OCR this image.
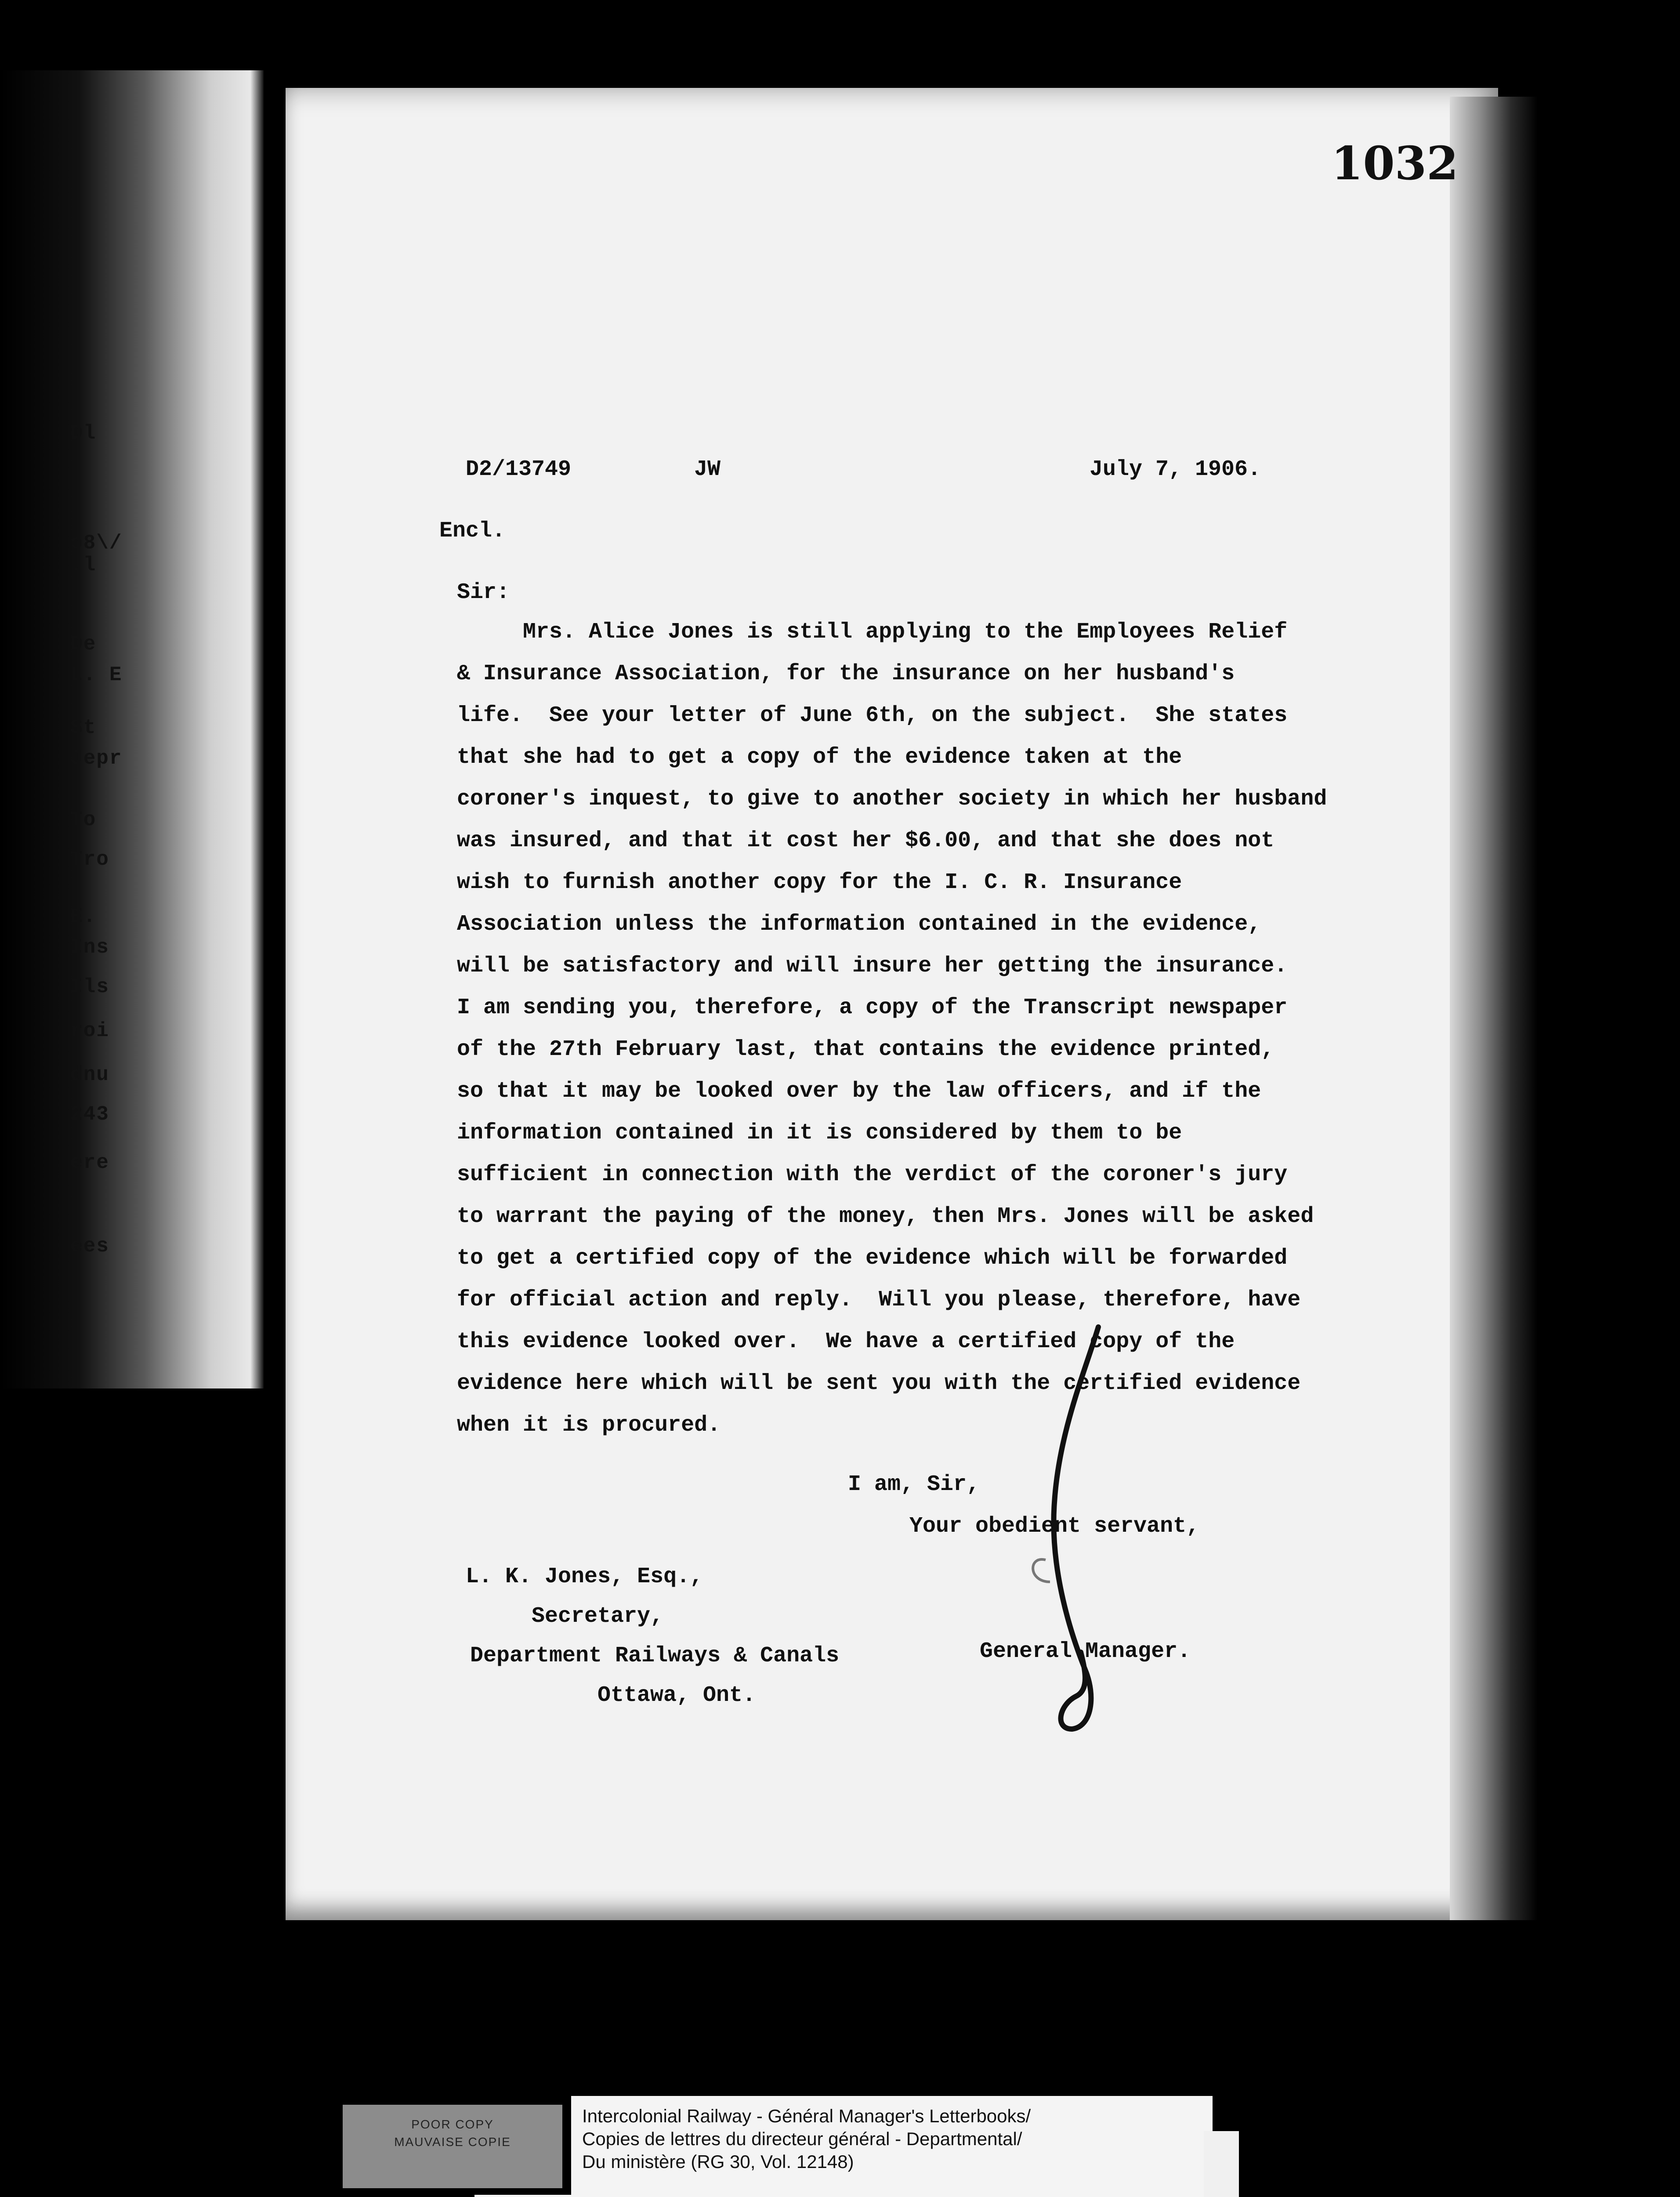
Dl
ɔ8\/
.l
De
L. E
St
Jepr
To
Tro
E.
Ins
Ils
roi
dnu
243
ere
ees
1032
D2/13749	JW	July 7, 1906.
Encl.
Sir:
Mrs. Alice Jones is still applying to the Employees Relief
& Insurance Association, for the insurance on her husband's
life.  See your letter of June 6th, on the subject.  She states
that she had to get a copy of the evidence taken at the
coroner's inquest, to give to another society in which her husband
was insured, and that it cost her $6.00, and that she does not
wish to furnish another copy for the I. C. R. Insurance
Association unless the information contained in the evidence,
will be satisfactory and will insure her getting the insurance.
I am sending you, therefore, a copy of the Transcript newspaper
of the 27th February last, that contains the evidence printed,
so that it may be looked over by the law officers, and if the
information contained in it is considered by them to be
sufficient in connection with the verdict of the coroner's jury
to warrant the paying of the money, then Mrs. Jones will be asked
to get a certified copy of the evidence which will be forwarded
for official action and reply.  Will you please, therefore, have
this evidence looked over.  We have a certified copy of the
evidence here which will be sent you with the certified evidence
when it is procured.
I am, Sir,
Your obedient servant,
L. K. Jones, Esq.,
Secretary,
Department Railways & Canals
Ottawa, Ont.
General Manager.
POOR COPY
MAUVAISE COPIE
Intercolonial Railway - Général Manager's Letterbooks/
Copies de lettres du directeur général - Departmental/
Du ministère (RG 30, Vol. 12148)
